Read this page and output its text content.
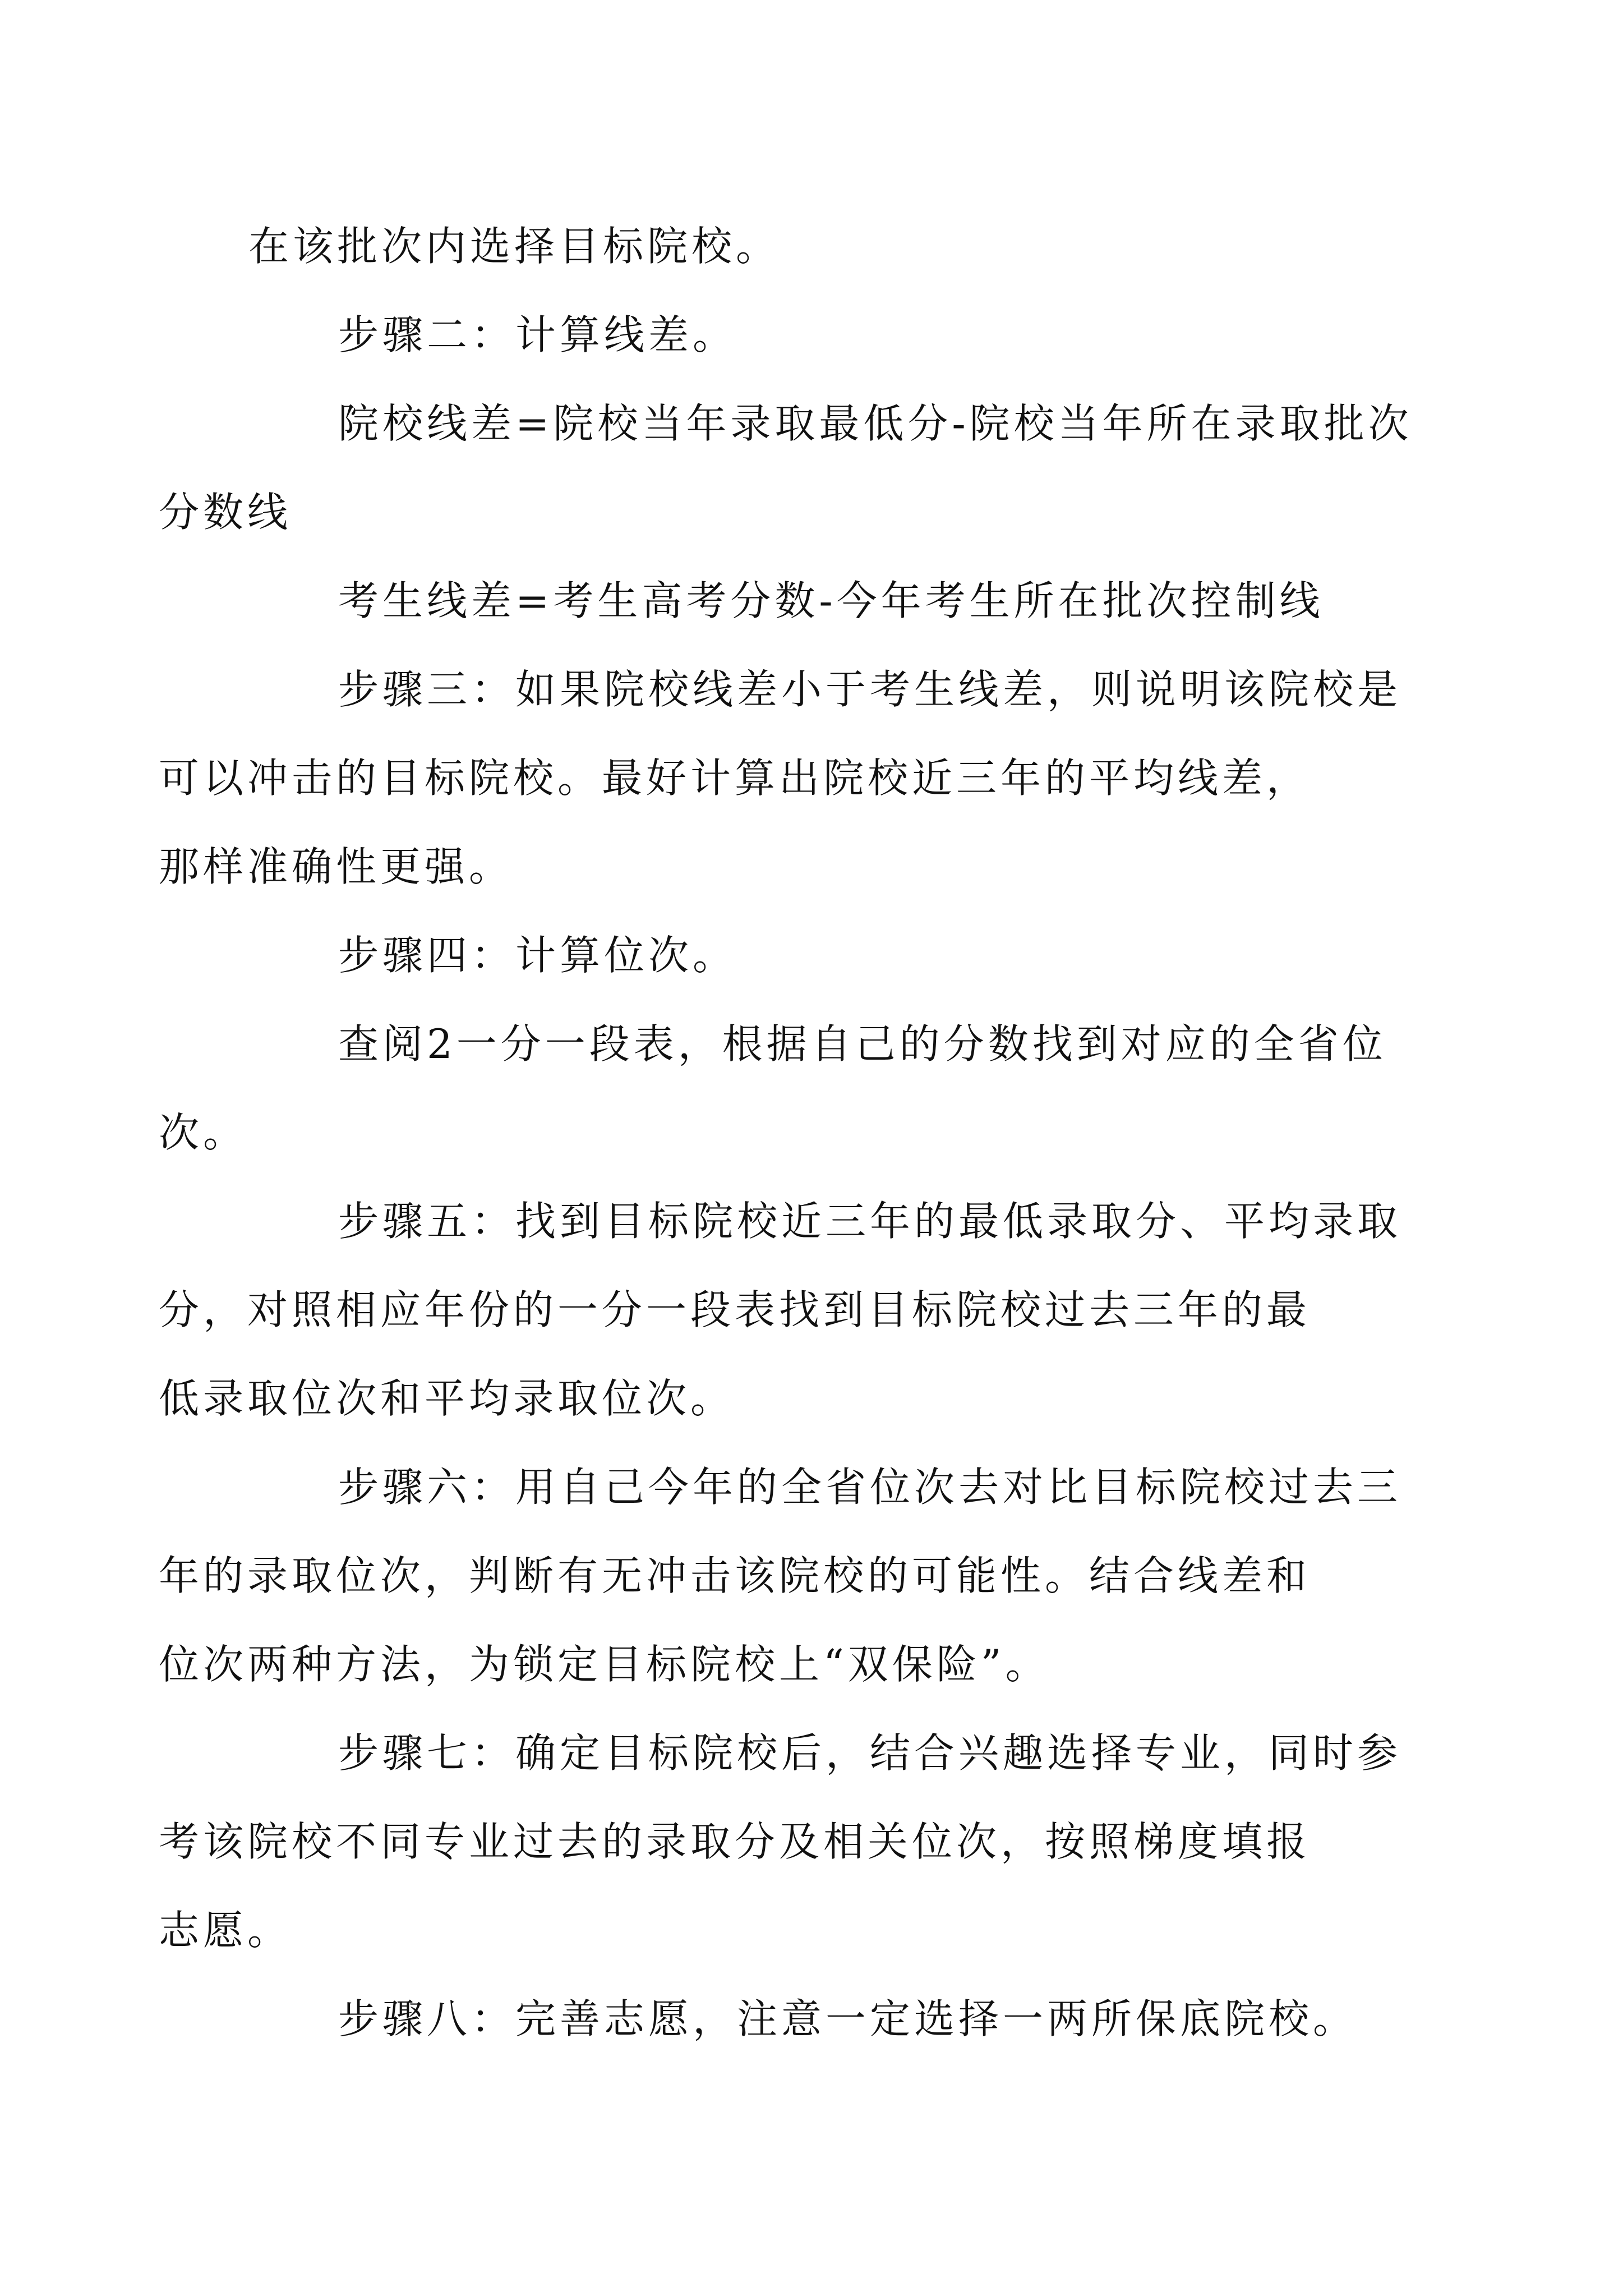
在该批次内选择目标院校。

步骤二：计算线差。

院校线差=院校当年录取最低分-院校当年所在录取批次
分数线

考生线差=考生高考分数-今年考生所在批次控制线

步骤三：如果院校线差小于考生线差，则说明该院校是
可以冲击的目标院校。最好计算出院校近三年的平均线差，
那样准确性更强。

步骤四：计算位次。

查阅2一分一段表，根据自己的分数找到对应的全省位
次。

步骤五：找到目标院校近三年的最低录取分、平均录取
分，对照相应年份的一分一段表找到目标院校过去三年的最
低录取位次和平均录取位次。

步骤六：用自己今年的全省位次去对比目标院校过去三
年的录取位次，判断有无冲击该院校的可能性。结合线差和
位次两种方法，为锁定目标院校上“双保险”。

步骤七：确定目标院校后，结合兴趣选择专业，同时参
考该院校不同专业过去的录取分及相关位次，按照梯度填报
志愿。

步骤八：完善志愿，注意一定选择一两所保底院校。
